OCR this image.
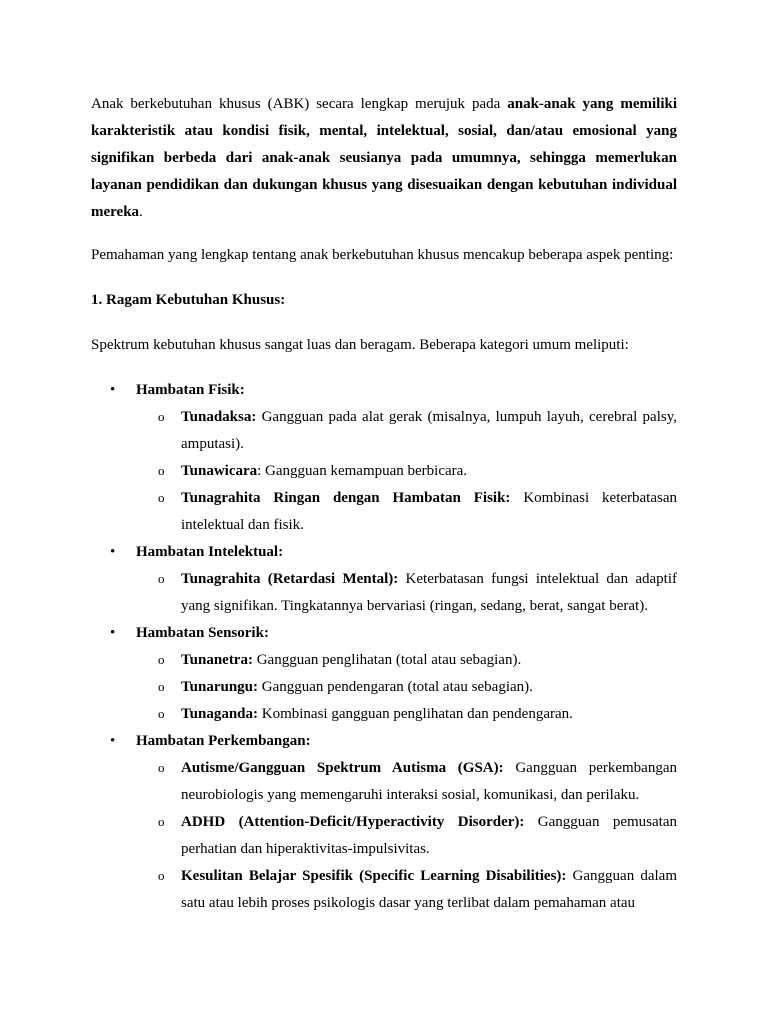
Anak berkebutuhan khusus (ABK) secara lengkap merujuk pada anak-anak yang memiliki karakteristik atau kondisi fisik, mental, intelektual, sosial, dan/atau emosional yang signifikan berbeda dari anak-anak seusianya pada umumnya, sehingga memerlukan layanan pendidikan dan dukungan khusus yang disesuaikan dengan kebutuhan individual mereka.

Pemahaman yang lengkap tentang anak berkebutuhan khusus mencakup beberapa aspek penting:

1. Ragam Kebutuhan Khusus:

Spektrum kebutuhan khusus sangat luas dan beragam. Beberapa kategori umum meliputi:

• Hambatan Fisik:
o Tunadaksa: Gangguan pada alat gerak (misalnya, lumpuh layuh, cerebral palsy, amputasi).
o Tunawicara: Gangguan kemampuan berbicara.
o Tunagrahita Ringan dengan Hambatan Fisik: Kombinasi keterbatasan intelektual dan fisik.
• Hambatan Intelektual:
o Tunagrahita (Retardasi Mental): Keterbatasan fungsi intelektual dan adaptif yang signifikan. Tingkatannya bervariasi (ringan, sedang, berat, sangat berat).
• Hambatan Sensorik:
o Tunanetra: Gangguan penglihatan (total atau sebagian).
o Tunarungu: Gangguan pendengaran (total atau sebagian).
o Tunaganda: Kombinasi gangguan penglihatan dan pendengaran.
• Hambatan Perkembangan:
o Autisme/Gangguan Spektrum Autisma (GSA): Gangguan perkembangan neurobiologis yang memengaruhi interaksi sosial, komunikasi, dan perilaku.
o ADHD (Attention-Deficit/Hyperactivity Disorder): Gangguan pemusatan perhatian dan hiperaktivitas-impulsivitas.
o Kesulitan Belajar Spesifik (Specific Learning Disabilities): Gangguan dalam satu atau lebih proses psikologis dasar yang terlibat dalam pemahaman atau
